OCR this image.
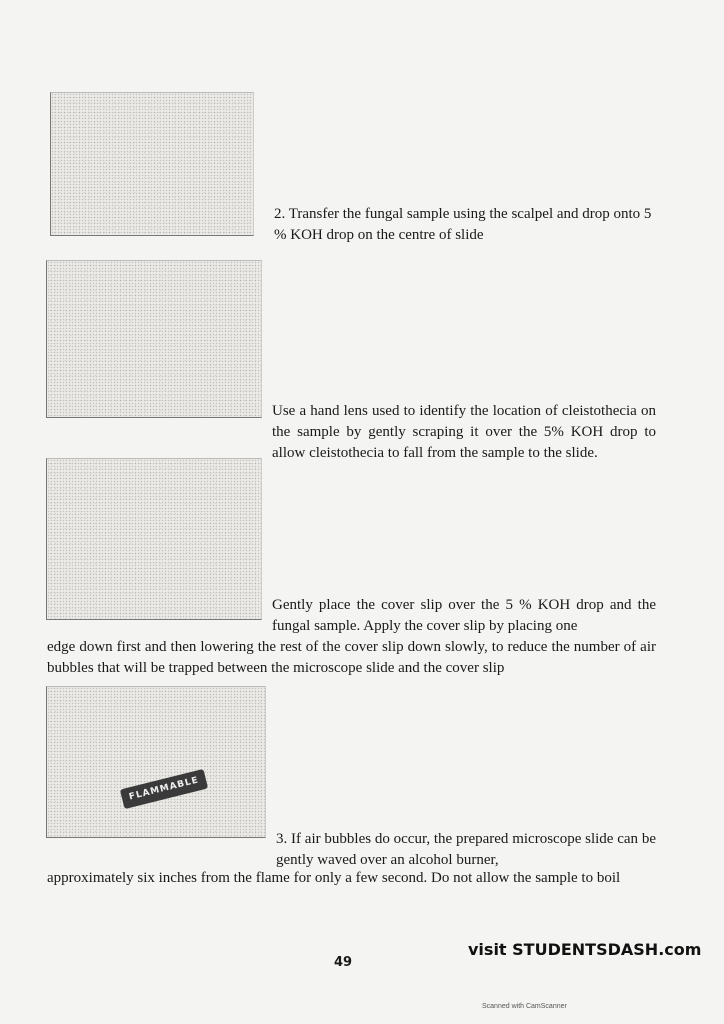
2. Transfer the fungal sample using the scalpel and drop onto 5 % KOH drop on the centre of slide

Use a hand lens used to identify the location of cleistothecia on the sample by gently scraping it over the 5% KOH drop to allow cleistothecia to fall from the sample to the slide.

Gently place the cover slip over the 5 % KOH drop and the fungal sample. Apply the cover slip by placing one

edge down first and then lowering the rest of the cover slip down slowly, to reduce the number of air bubbles that will be trapped between the microscope slide and the cover slip

FLAMMABLE

3. If air bubbles do occur, the prepared microscope slide can be gently waved over an alcohol burner,

approximately six inches from the flame for only a few second. Do not allow the sample to boil

visit STUDENTSDASH.com
49
Scanned with CamScanner
